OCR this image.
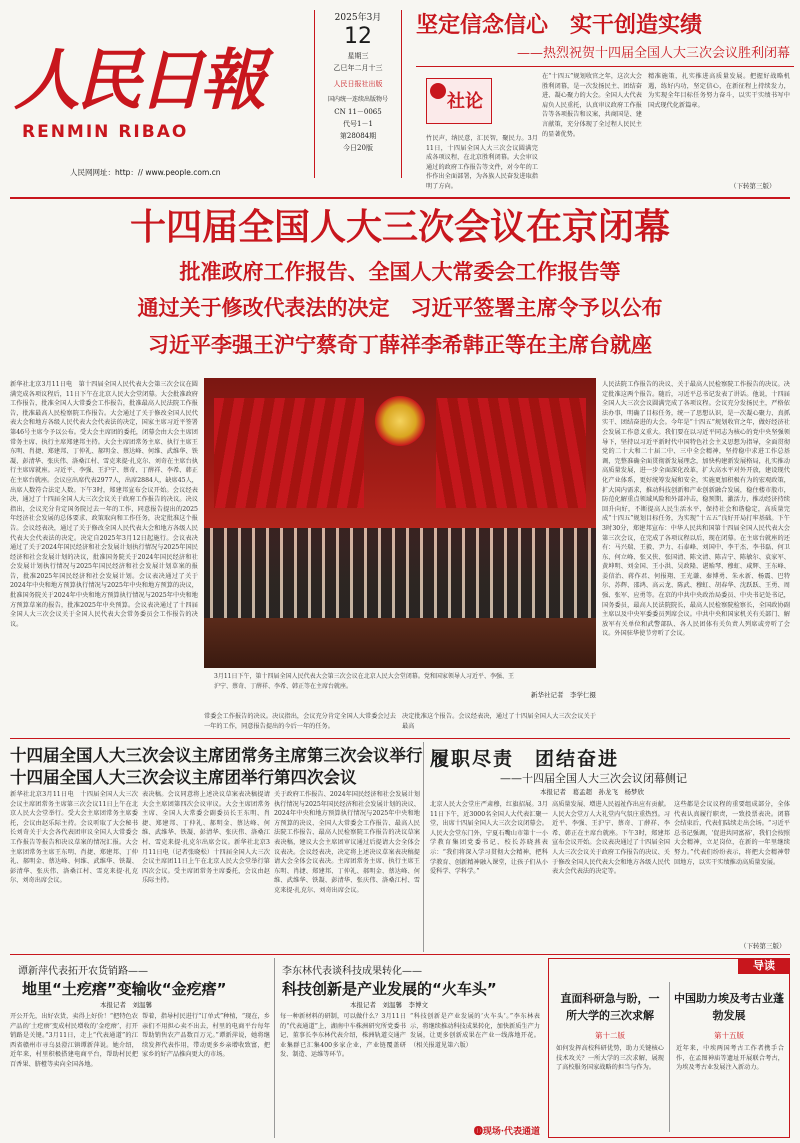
人民日報
RENMIN RIBAO
人民网网址：http：// www.people.com.cn
2025年3月
12
星期三
乙巳年二月十三
人民日报社出版
国内统一连续出版物号
CN 11－0065
代号1－1
第28084期
今日20版
坚定信念信心　实干创造实绩
——热烈祝贺十四届全国人大三次会议胜利闭幕
社论
在“十四五”规划收官之年，这次大会胜利闭幕，是一次发扬民主、团结奋进、凝心聚力的大会。全国人大代表肩负人民重托，认真审议政府工作报告等各项报告和议案，共商国是、建言献策，充分体现了全过程人民民主的显著优势。
竹民声，纳民意，汇民智，聚民力。3月11日，十四届全国人大三次会议圆满完成各项议程，在北京胜利闭幕。大会审议通过的政府工作报告等文件，对今年的工作作出全面部署，为各族人民奋发进取指明了方向。
精准施策，扎实推进高质量发展。把握好战略机遇，练好内功，坚定信心，在新征程上持续发力，为实现全年目标任务努力奋斗，以实干实绩书写中国式现代化新篇章。
（下转第三版）
十四届全国人大三次会议在京闭幕
批准政府工作报告、全国人大常委会工作报告等
通过关于修改代表法的决定　习近平签署主席令予以公布
习近平李强王沪宁蔡奇丁薛祥李希韩正等在主席台就座
新华社北京3月11日电　第十四届全国人民代表大会第三次会议在圆满完成各项议程后，11日下午在北京人民大会堂闭幕。大会批准政府工作报告，批准全国人大常委会工作报告，批准最高人民法院工作报告，批准最高人民检察院工作报告。大会通过了关于修改全国人民代表大会和地方各级人民代表大会代表法的决定，国家主席习近平签署第46号主席令予以公布。受大会主席团的委托，闭幕会由大会主席团常务主席、执行主席郑建邦主持。大会主席团常务主席、执行主席王东明、肖捷、郑建邦、丁仲礼、郝明金、蔡达峰、何维、武维华、铁凝、彭清华、张庆伟、洛桑江村、雪克来提·扎克尔、刘奇在主席台执行主席席就座。习近平、李强、王沪宁、蔡奇、丁薛祥、李希、韩正在主席台就座。会议应出席代表2977人，出席2884人，缺席45人，出席人数符合法定人数。下午3时，郑建邦宣布会议开始。会议经表决，通过了十四届全国人大三次会议关于政府工作报告的决议。决议指出，会议充分肯定国务院过去一年的工作，同意报告提出的2025年经济社会发展的总体要求、政策取向和工作任务，决定批准这个报告。会议经表决，通过了关于修改全国人民代表大会和地方各级人民代表大会代表法的决定。决定自2025年3月12日起施行。会议表决通过了关于2024年国民经济和社会发展计划执行情况与2025年国民经济和社会发展计划的决议，批准国务院关于2024年国民经济和社会发展计划执行情况与2025年国民经济和社会发展计划草案的报告，批准2025年国民经济和社会发展计划。会议表决通过了关于2024年中央和地方预算执行情况与2025年中央和地方预算的决议，批准国务院关于2024年中央和地方预算执行情况与2025年中央和地方预算草案的报告，批准2025年中央预算。会议表决通过了十四届全国人大三次会议关于全国人民代表大会常务委员会工作报告的决议。
3月11日下午，第十四届全国人民代表大会第三次会议在北京人民大会堂闭幕。党和国家领导人习近平、李强、王沪宁、蔡奇、丁薛祥、李希、韩正等在主席台就座。
新华社记者　李学仁摄
常委会工作报告的决议。决议指出，会议充分肯定全国人大常委会过去一年的工作，同意报告提出的今后一年的任务。
决定批准这个报告。会议经表决，通过了十四届全国人大三次会议关于最高
人民法院工作报告的决议、关于最高人民检察院工作报告的决议。决定批准这两个报告。随后，习近平总书记发表了讲话。他说，十四届全国人大三次会议圆满完成了各项议程。会议充分发扬民主，严格依法办事，明确了目标任务，统一了思想认识，是一次凝心聚力、真抓实干、团结奋进的大会。今年是“十四五”规划收官之年，做好经济社会发展工作意义重大。我们要在以习近平同志为核心的党中央坚强领导下，坚持以习近平新时代中国特色社会主义思想为指导，全面贯彻党的二十大和二十届二中、三中全会精神，坚持稳中求进工作总基调，完整准确全面贯彻新发展理念，加快构建新发展格局，扎实推动高质量发展，进一步全面深化改革，扩大高水平对外开放，建设现代化产业体系，更好统筹发展和安全，实施更加积极有为的宏观政策，扩大国内需求，推动科技创新和产业创新融合发展，稳住楼市股市，防范化解重点领域风险和外部冲击，稳预期、激活力，推动经济持续回升向好，不断提高人民生活水平，保持社会和谐稳定，高质量完成“十四五”规划目标任务，为实现“十五五”良好开局打牢基础。下午3时30分，郑建邦宣布：中华人民共和国第十四届全国人民代表大会第三次会议，在完成了各项议程以后，现在闭幕。在主席台就座的还有：马兴瑞、王毅、尹力、石泰峰、刘国中、李干杰、李书磊、何卫东、何立峰、张又侠、张国清、陈文清、陈吉宁、陈敏尔、袁家军、黄坤明、刘金国、王小洪、吴政隆、谌贻琴、穆虹、咸辉、王东峰、姜信治、蒋作君、何报翔、王光谦、秦博勇、朱永新、杨震、巴特尔、苏辉、邵鸿、高云龙、陈武、穆虹、胡春华、沈跃跃、王勇、周强、张军、应勇等。在京的中共中央政治局委员、中央书记处书记，国务委员，最高人民法院院长，最高人民检察院检察长，全国政协副主席以及中央军委委员列席会议。中共中央和国家机关有关部门、解放军有关单位和武警部队、各人民团体有关负责人列席或旁听了会议。外国驻华使节旁听了会议。
十四届全国人大三次会议主席团常务主席第三次会议举行
十四届全国人大三次会议主席团举行第四次会议
新华社北京3月11日电　十四届全国人大三次会议主席团常务主席第三次会议11日上午在北京人民大会堂举行。受大会主席团常务主席委托，会议由赵乐际主持。会议听取了大会秘书长刘奇关于大会各代表团审议全国人大常委会工作报告等报告和决议草案的情况汇报。大会主席团常务主席王东明、肖捷、郑建邦、丁仲礼、郝明金、蔡达峰、何维、武维华、铁凝、彭清华、张庆伟、洛桑江村、雪克来提·扎克尔、刘奇出席会议。
表决稿。会议同意将上述决议草案表决稿提请大会主席团第四次会议审议。大会主席团常务主席、全国人大常委会副委员长王东明、肖捷、郑建邦、丁仲礼、郝明金、蔡达峰、何维、武维华、铁凝、彭清华、张庆伟、洛桑江村、雪克来提·扎克尔出席会议。新华社北京3月11日电（记者张晓松）十四届全国人大三次会议主席团11日上午在北京人民大会堂举行第四次会议。受主席团常务主席委托，会议由赵乐际主持。
关于政府工作报告、2024年国民经济和社会发展计划执行情况与2025年国民经济和社会发展计划的决议、2024年中央和地方预算执行情况与2025年中央和地方预算的决议、全国人大常委会工作报告、最高人民法院工作报告、最高人民检察院工作报告的决议草案表决稿，建议大会主席团审议通过后提请大会全体会议表决。会议经表决，决定将上述决议草案表决稿提请大会全体会议表决。主席团常务主席、执行主席王东明、肖捷、郑建邦、丁仲礼、郝明金、蔡达峰、何维、武维华、铁凝、彭清华、张庆伟、洛桑江村、雪克来提·扎克尔、刘奇出席会议。
履职尽责　团结奋进
——十四届全国人大三次会议闭幕侧记
本报记者　葛孟超　孙龙飞　杨梦欣
北京人民大会堂庄严肃穆，红旗招展。3月11日下午，近3000名全国人大代表汇聚一堂，出席十四届全国人大三次会议闭幕会。人民大会堂东门外，宁夏石嘴山市第十一小学教育集团党委书记、校长苏晓燕表示：“我们将深入学习贯彻大会精神，把科学教育、创新精神融入课堂，让孩子们从小爱科学、学科学。”
高质量发展、增进人民福祉作出应有贡献。人民大会堂万人大礼堂内气氛庄重热烈。习近平、李强、王沪宁、蔡奇、丁薛祥、李希、韩正在主席台就座。下午3时，郑建邦宣布会议开始。会议表决通过了十四届全国人大三次会议关于政府工作报告的决议、关于修改全国人民代表大会和地方各级人民代表大会代表法的决定等。
这些都是会议议程的重要组成部分，全体代表认真履行职责，一致投票表决。闭幕会结束后，代表们陆续走出会场。“习近平总书记强调，‘促进共同富裕’，我们会按照大会精神，立足岗位，在新的一年里继续努力。”代表们纷纷表示，将把大会精神带回地方，以实干实绩推动高质量发展。
（下转第三版）
谭新萍代表拓开农货销路——
地里“土疙瘩”变输收“金疙瘩”
本报记者　刘温馨
开公开先，出好农货，卖得上好价！“把特色农产品的‘土疙瘩’变成村民增收的‘金疙瘩’，打开销路是关键。”3月11日，走上“代表通道”的江西省赣州市寻乌县澄江镇谭新萍说。她介绍，近年来，村里积极搭建电商平台，帮助村民把百香果、脐橙等卖向全国各地。
帮着，指导村民进行“订单式”种植，“现在，乡亲们不用担心卖不出去，村里的电商平台每年帮助销售农产品数百万元。”谭新萍说，她将继续发挥代表作用，带动更多乡亲增收致富，把家乡的好产品推向更大的市场。
李东林代表谈科技成果转化——
科技创新是产业发展的“火车头”
本报记者　刘温馨　李博文
每一种新材料的研制，可以做什么？3月11日的“代表通道”上，湖南中车株洲研究所党委书记、董事长李东林代表介绍，株洲轨道交通产业集群已汇集400多家企业，产业链覆盖研发、制造、运维等环节。
“科技创新是产业发展的‘火车头’。”李东林表示，将继续推动科技成果转化，加快新质生产力发展，让更多创新成果在产业一线落地开花。（相关报道见第六版）
🅓现场·代表通道
导读
直面科研急与盼，一所大学的三次求解
第十二版
如何发挥高校科研优势，助力关键核心技术攻关？一所大学的三次求解，展现了高校服务国家战略的担当与作为。
中国助力埃及考古业蓬勃发展
第十五版
近年来，中埃两国考古工作者携手合作，在孟图神庙等遗址开展联合考古，为埃及考古业发展注入新动力。
